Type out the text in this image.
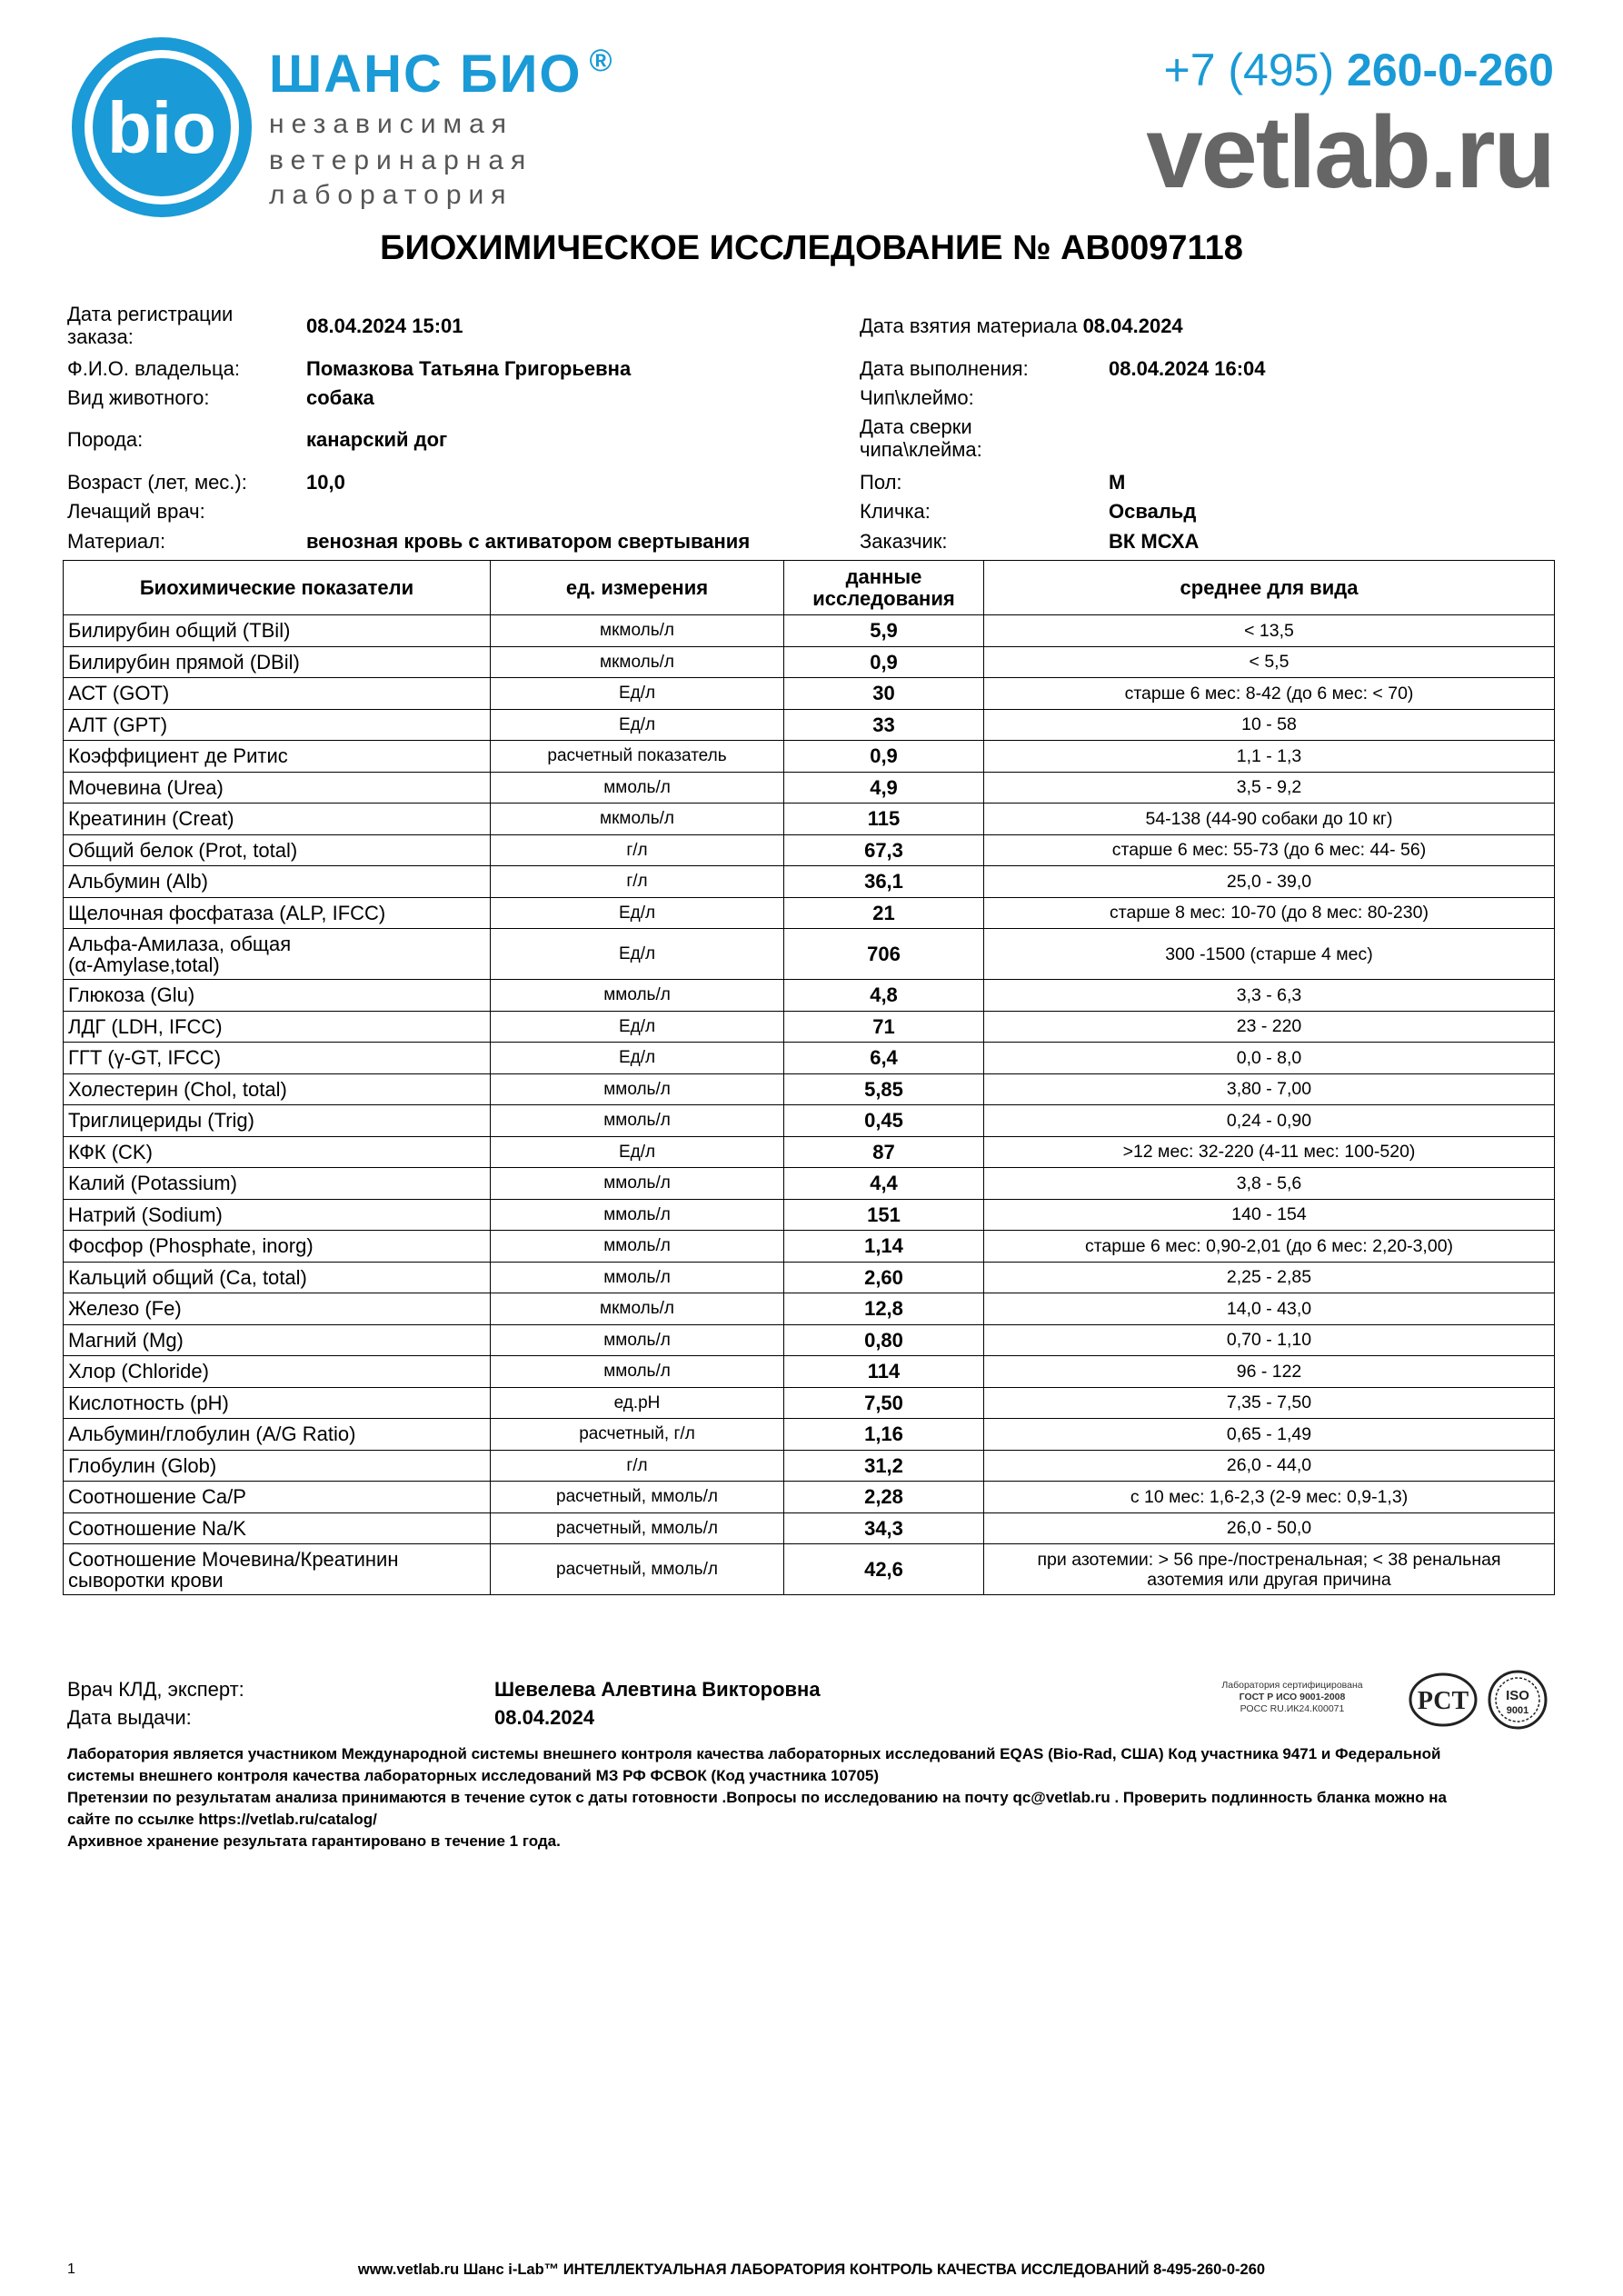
bio
ШАНС БИО ®
независимая
ветеринарная
лаборатория
+7 (495) 260-0-260
vetlab.ru
БИОХИМИЧЕСКОЕ ИССЛЕДОВАНИЕ № АВ0097118
Дата регистрации
заказа:	08.04.2024 15:01
Ф.И.О. владельца:	Помазкова Татьяна Григорьевна
Вид животного:	собака
Порода:	канарский дог
Возраст (лет, мес.):	10,0
Лечащий врач:
Материал:	венозная кровь с активатором свертывания
Дата взятия материала 08.04.2024
Дата выполнения:	08.04.2024 16:04
Чип\клеймо:
Дата сверки
чипа\клейма:
Пол:	М
Кличка:	Освальд
Заказчик:	ВК МСХА
Биохимические показатели	ед. измерения	данные
исследования	среднее для вида
Билирубин общий (TBil)	мкмоль/л	5,9	< 13,5
Билирубин прямой (DBil)	мкмоль/л	0,9	< 5,5
АСТ (GOT)	Ед/л	30	старше 6 мес: 8-42 (до 6 мес: < 70)
АЛТ (GPT)	Ед/л	33	10 - 58
Коэффициент де Ритис	расчетный показатель	0,9	1,1 - 1,3
Мочевина (Urea)	ммоль/л	4,9	3,5 - 9,2
Креатинин (Creat)	мкмоль/л	115	54-138 (44-90 собаки до 10 кг)
Общий белок (Prot, total)	г/л	67,3	старше 6 мес: 55-73 (до 6 мес: 44- 56)
Альбумин (Alb)	г/л	36,1	25,0 - 39,0
Щелочная фосфатаза (ALP, IFCC)	Ед/л	21	старше 8 мес: 10-70 (до 8 мес: 80-230)
Альфа-Амилаза, общая
(α-Amylase,total)	Ед/л	706	300 -1500 (старше 4 мес)
Глюкоза (Glu)	ммоль/л	4,8	3,3 - 6,3
ЛДГ (LDH, IFCC)	Ед/л	71	23 - 220
ГГТ (γ-GT, IFCC)	Ед/л	6,4	0,0 - 8,0
Холестерин (Chol, total)	ммоль/л	5,85	3,80 - 7,00
Триглицериды (Trig)	ммоль/л	0,45	0,24 - 0,90
КФК (CK)	Ед/л	87	>12 мес: 32-220 (4-11 мес: 100-520)
Калий (Potassium)	ммоль/л	4,4	3,8 - 5,6
Натрий (Sodium)	ммоль/л	151	140 - 154
Фосфор (Phosphate, inorg)	ммоль/л	1,14	старше 6 мес: 0,90-2,01 (до 6 мес: 2,20-3,00)
Кальций общий (Ca, total)	ммоль/л	2,60	2,25 - 2,85
Железо (Fe)	мкмоль/л	12,8	14,0 - 43,0
Магний (Mg)	ммоль/л	0,80	0,70 - 1,10
Хлор (Chloride)	ммоль/л	114	96 - 122
Кислотность (pH)	ед.pH	7,50	7,35 - 7,50
Альбумин/глобулин (A/G Ratio)	расчетный, г/л	1,16	0,65 - 1,49
Глобулин (Glob)	г/л	31,2	26,0 - 44,0
Соотношение Ca/P	расчетный, ммоль/л	2,28	с 10 мес: 1,6-2,3 (2-9 мес: 0,9-1,3)
Соотношение Na/K	расчетный, ммоль/л	34,3	26,0 - 50,0
Соотношение Мочевина/Креатинин
сыворотки крови	расчетный, ммоль/л	42,6	при азотемии: > 56 пре-/постренальная; < 38 ренальная
азотемия или другая причина
Врач КЛД, эксперт:	Шевелева Алевтина Викторовна
Дата выдачи:	08.04.2024
Лаборатория сертифицирована
ГОСТ Р ИСО 9001-2008
РОСС RU.ИК24.К00071	РСТ	ISO
9001
Лаборатория является участником Международной системы внешнего контроля качества лабораторных исследований EQAS (Bio-Rad, США) Код участника 9471 и Федеральной
системы внешнего контроля качества лабораторных исследований МЗ РФ ФСВОК (Код участника 10705)
Претензии по результатам анализа принимаются в течение суток с даты готовности .Вопросы по исследованию на почту qc@vetlab.ru . Проверить подлинность бланка можно на
сайте по ссылке https://vetlab.ru/catalog/
Архивное хранение результата гарантировано в течение 1 года.
1	www.vetlab.ru Шанс i-Lab™ ИНТЕЛЛЕКТУАЛЬНАЯ ЛАБОРАТОРИЯ КОНТРОЛЬ КАЧЕСТВА ИССЛЕДОВАНИЙ 8-495-260-0-260
